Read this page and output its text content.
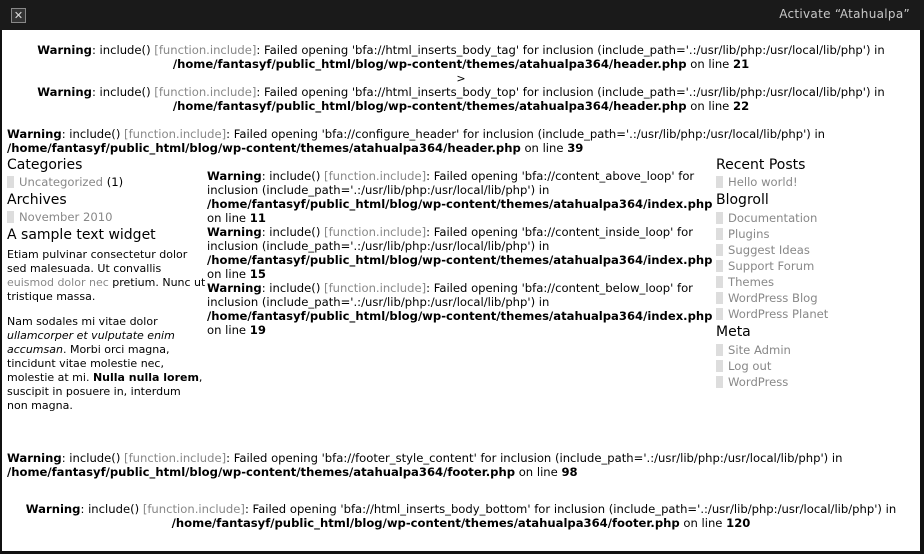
✕	Activate “Atahualpa”
Warning: include() [function.include]: Failed opening 'bfa://html_inserts_body_tag' for inclusion (include_path='.:/usr/lib/php:/usr/local/lib/php') in
/home/fantasyf/public_html/blog/wp-content/themes/atahualpa364/header.php on line 21
>
Warning: include() [function.include]: Failed opening 'bfa://html_inserts_body_top' for inclusion (include_path='.:/usr/lib/php:/usr/local/lib/php') in
/home/fantasyf/public_html/blog/wp-content/themes/atahualpa364/header.php on line 22
Warning: include() [function.include]: Failed opening 'bfa://configure_header' for inclusion (include_path='.:/usr/lib/php:/usr/local/lib/php') in /home/fantasyf/public_html/blog/wp-content/themes/atahualpa364/header.php on line 39
Categories
Uncategorized (1)
Archives
November 2010
A sample text widget
Etiam pulvinar consectetur dolor sed malesuada. Ut convallis euismod dolor nec pretium. Nunc ut tristique massa.
Nam sodales mi vitae dolor ullamcorper et vulputate enim accumsan. Morbi orci magna, tincidunt vitae molestie nec, molestie at mi. Nulla nulla lorem, suscipit in posuere in, interdum non magna.
Warning: include() [function.include]: Failed opening 'bfa://content_above_loop' for inclusion (include_path='.:/usr/lib/php:/usr/local/lib/php') in /home/fantasyf/public_html/blog/wp-content/themes/atahualpa364/index.php on line 11
Warning: include() [function.include]: Failed opening 'bfa://content_inside_loop' for inclusion (include_path='.:/usr/lib/php:/usr/local/lib/php') in /home/fantasyf/public_html/blog/wp-content/themes/atahualpa364/index.php on line 15
Warning: include() [function.include]: Failed opening 'bfa://content_below_loop' for inclusion (include_path='.:/usr/lib/php:/usr/local/lib/php') in /home/fantasyf/public_html/blog/wp-content/themes/atahualpa364/index.php on line 19
Recent Posts
Hello world!
Blogroll
Documentation
Plugins
Suggest Ideas
Support Forum
Themes
WordPress Blog
WordPress Planet
Meta
Site Admin
Log out
WordPress
Warning: include() [function.include]: Failed opening 'bfa://footer_style_content' for inclusion (include_path='.:/usr/lib/php:/usr/local/lib/php') in /home/fantasyf/public_html/blog/wp-content/themes/atahualpa364/footer.php on line 98
Warning: include() [function.include]: Failed opening 'bfa://html_inserts_body_bottom' for inclusion (include_path='.:/usr/lib/php:/usr/local/lib/php') in
/home/fantasyf/public_html/blog/wp-content/themes/atahualpa364/footer.php on line 120
